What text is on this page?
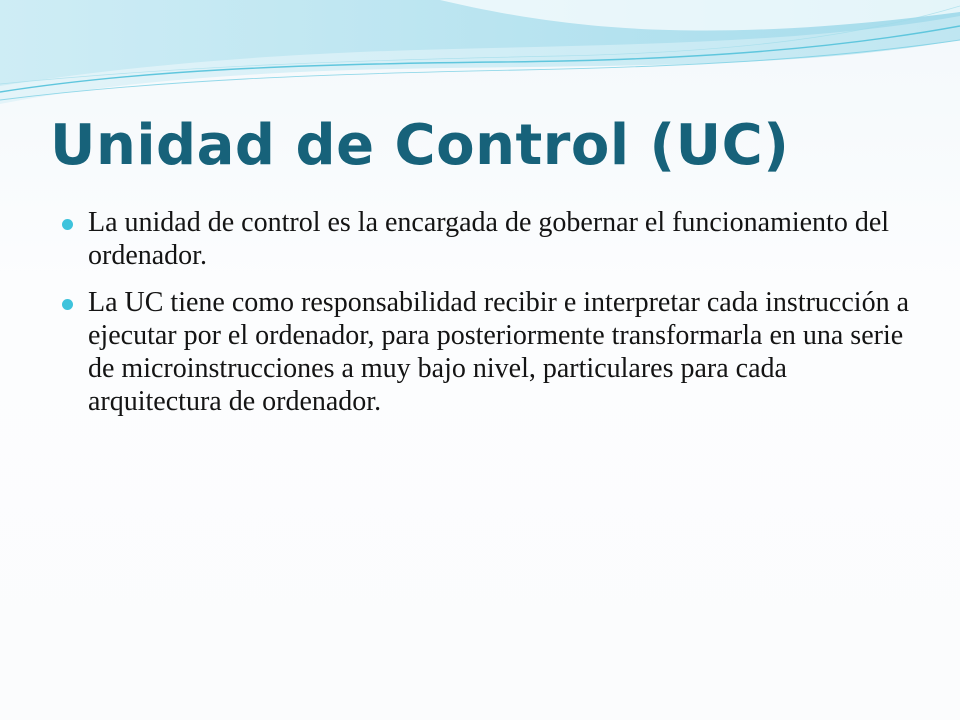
Unidad de Control (UC)
La unidad de control es la encargada de gobernar el funcionamiento del ordenador.
La UC tiene como responsabilidad recibir e interpretar cada instrucción a ejecutar por el ordenador, para posteriormente transformarla en una serie de microinstrucciones a muy bajo nivel, particulares para cada arquitectura de ordenador.
